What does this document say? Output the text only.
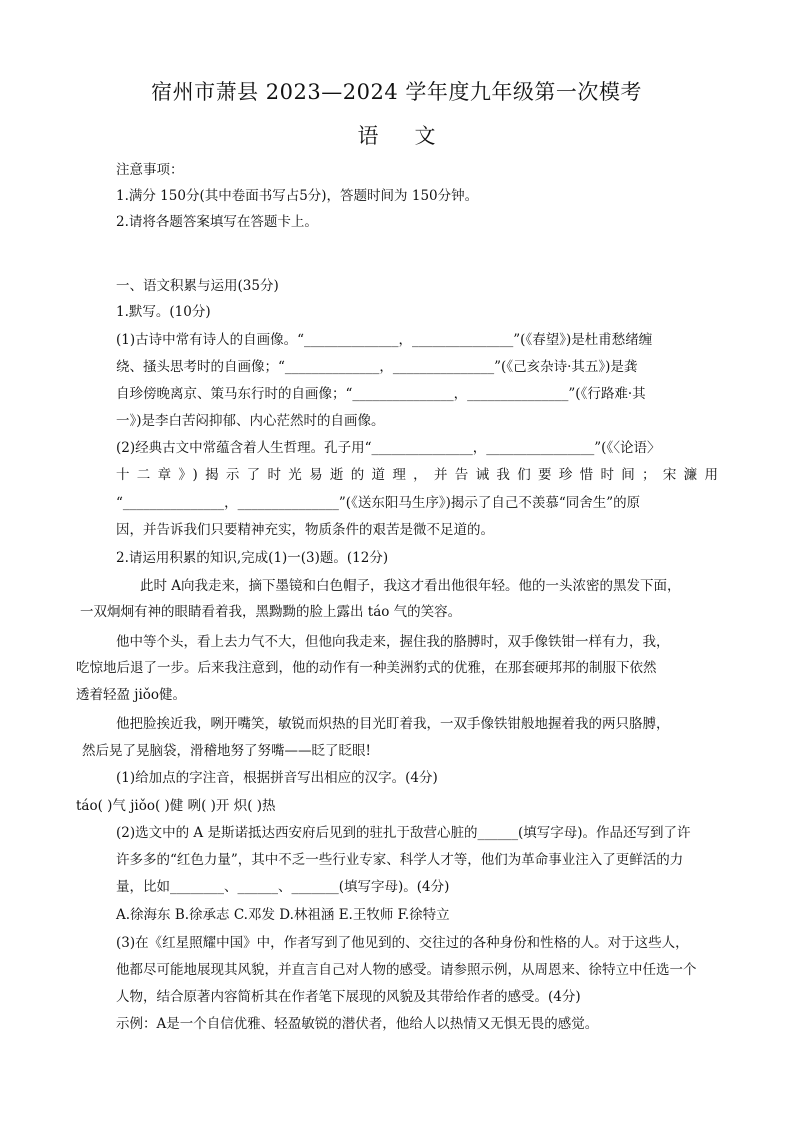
宿州市萧县 2023—2024 学年度九年级第一次模考
语文
注意事项：
1.满分 150分(其中卷面书写占5分)，答题时间为 150分钟。
2.请将各题答案填写在答题卡上。
一、语文积累与运用(35分)
1.默写。(10分)
(1)古诗中常有诗人的自画像。“______________，_______________”(《春望》)是杜甫愁绪缠
绕、搔头思考时的自画像；“______________，_______________”(《己亥杂诗·其五》)是龚
自珍傍晚离京、策马东行时的自画像；“_______________，_______________”(《行路难·其
一》)是李白苦闷抑郁、内心茫然时的自画像。
(2)经典古文中常蕴含着人生哲理。孔子用“_______________，________________”(《〈论语〉
十二章》)揭示了时光易逝的道理，并告诫我们要珍惜时间；宋濂用
“_______________，_______________”(《送东阳马生序》)揭示了自己不羡慕“同舍生”的原
因，并告诉我们只要精神充实，物质条件的艰苦是微不足道的。
2.请运用积累的知识,完成(1)一(3)题。(12分)
此时 A向我走来，摘下墨镜和白色帽子，我这才看出他很年轻。他的一头浓密的黑发下面，
一双炯炯有神的眼睛看着我，黑黝黝的脸上露出 táo 气的笑容。
他中等个头，看上去力气不大，但他向我走来，握住我的胳膊时，双手像铁钳一样有力，我，
吃惊地后退了一步。后来我注意到，他的动作有一种美洲豹式的优雅，在那套硬邦邦的制服下依然
透着轻盈 jiǒo健。
他把脸挨近我，咧开嘴笑，敏锐而炽热的目光盯着我，一双手像铁钳般地握着我的两只胳膊，
然后晃了晃脑袋，滑稽地努了努嘴——眨了眨眼!
(1)给加点的字注音，根据拼音写出相应的汉字。(4分)
táo( )气 jiǒo( )健 咧( )开 炽( )热
(2)选文中的 A 是斯诺抵达西安府后见到的驻扎于敌营心脏的______(填写字母)。作品还写到了许
许多多的“红色力量”，其中不乏一些行业专家、科学人才等，他们为革命事业注入了更鲜活的力
量，比如________、______、_______(填写字母)。(4分)
A.徐海东 B.徐承志 C.邓发 D.林祖涵 E.王牧师 F.徐特立
(3)在《红星照耀中国》中，作者写到了他见到的、交往过的各种身份和性格的人。对于这些人，
他都尽可能地展现其风貌，并直言自己对人物的感受。请参照示例，从周恩来、徐特立中任选一个
人物，结合原著内容简析其在作者笔下展现的风貌及其带给作者的感受。(4分)
示例：A是一个自信优雅、轻盈敏锐的潜伏者，他给人以热情又无惧无畏的感觉。
